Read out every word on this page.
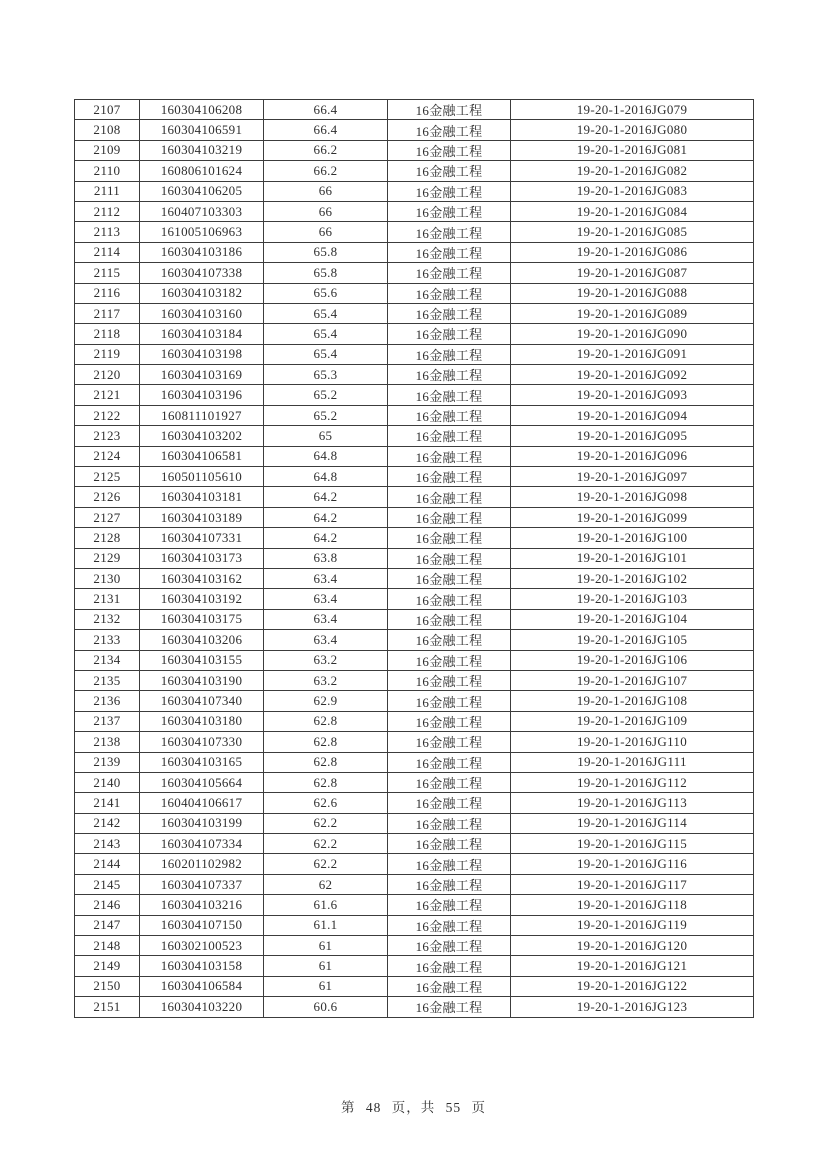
2107	160304106208	66.4	16金融工程	19-20-1-2016JG079
2108	160304106591	66.4	16金融工程	19-20-1-2016JG080
2109	160304103219	66.2	16金融工程	19-20-1-2016JG081
2110	160806101624	66.2	16金融工程	19-20-1-2016JG082
2111	160304106205	66	16金融工程	19-20-1-2016JG083
2112	160407103303	66	16金融工程	19-20-1-2016JG084
2113	161005106963	66	16金融工程	19-20-1-2016JG085
2114	160304103186	65.8	16金融工程	19-20-1-2016JG086
2115	160304107338	65.8	16金融工程	19-20-1-2016JG087
2116	160304103182	65.6	16金融工程	19-20-1-2016JG088
2117	160304103160	65.4	16金融工程	19-20-1-2016JG089
2118	160304103184	65.4	16金融工程	19-20-1-2016JG090
2119	160304103198	65.4	16金融工程	19-20-1-2016JG091
2120	160304103169	65.3	16金融工程	19-20-1-2016JG092
2121	160304103196	65.2	16金融工程	19-20-1-2016JG093
2122	160811101927	65.2	16金融工程	19-20-1-2016JG094
2123	160304103202	65	16金融工程	19-20-1-2016JG095
2124	160304106581	64.8	16金融工程	19-20-1-2016JG096
2125	160501105610	64.8	16金融工程	19-20-1-2016JG097
2126	160304103181	64.2	16金融工程	19-20-1-2016JG098
2127	160304103189	64.2	16金融工程	19-20-1-2016JG099
2128	160304107331	64.2	16金融工程	19-20-1-2016JG100
2129	160304103173	63.8	16金融工程	19-20-1-2016JG101
2130	160304103162	63.4	16金融工程	19-20-1-2016JG102
2131	160304103192	63.4	16金融工程	19-20-1-2016JG103
2132	160304103175	63.4	16金融工程	19-20-1-2016JG104
2133	160304103206	63.4	16金融工程	19-20-1-2016JG105
2134	160304103155	63.2	16金融工程	19-20-1-2016JG106
2135	160304103190	63.2	16金融工程	19-20-1-2016JG107
2136	160304107340	62.9	16金融工程	19-20-1-2016JG108
2137	160304103180	62.8	16金融工程	19-20-1-2016JG109
2138	160304107330	62.8	16金融工程	19-20-1-2016JG110
2139	160304103165	62.8	16金融工程	19-20-1-2016JG111
2140	160304105664	62.8	16金融工程	19-20-1-2016JG112
2141	160404106617	62.6	16金融工程	19-20-1-2016JG113
2142	160304103199	62.2	16金融工程	19-20-1-2016JG114
2143	160304107334	62.2	16金融工程	19-20-1-2016JG115
2144	160201102982	62.2	16金融工程	19-20-1-2016JG116
2145	160304107337	62	16金融工程	19-20-1-2016JG117
2146	160304103216	61.6	16金融工程	19-20-1-2016JG118
2147	160304107150	61.1	16金融工程	19-20-1-2016JG119
2148	160302100523	61	16金融工程	19-20-1-2016JG120
2149	160304103158	61	16金融工程	19-20-1-2016JG121
2150	160304106584	61	16金融工程	19-20-1-2016JG122
2151	160304103220	60.6	16金融工程	19-20-1-2016JG123
第 48 页，共 55 页
